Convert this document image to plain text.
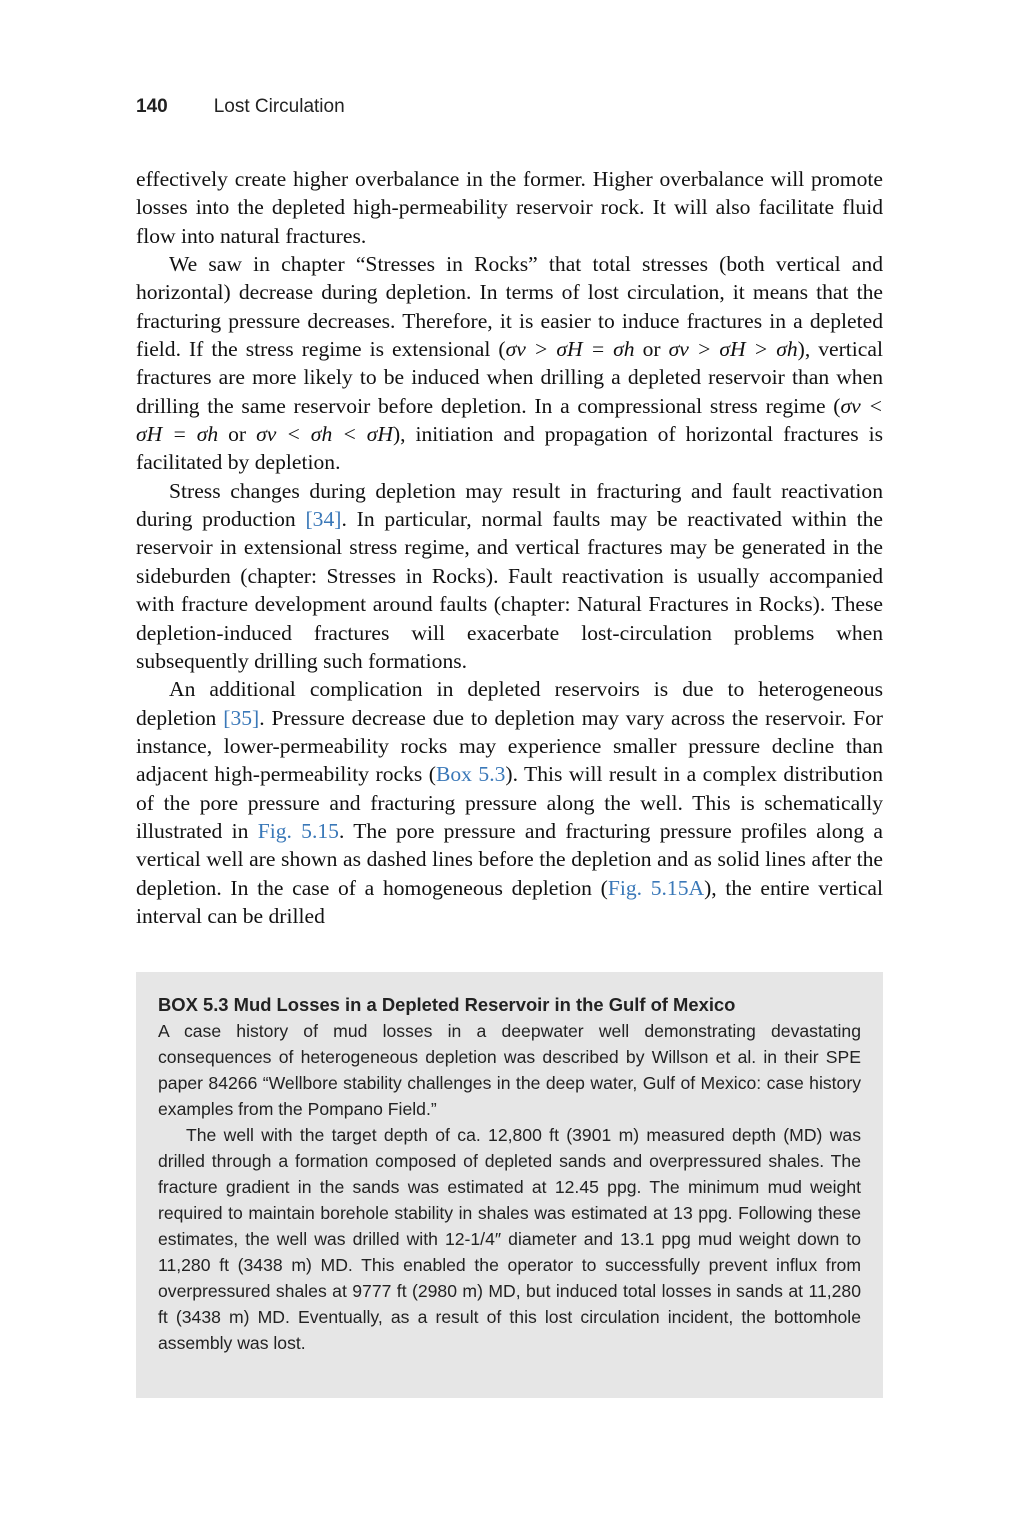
140 Lost Circulation

effectively create higher overbalance in the former. Higher overbalance will promote losses into the depleted high-permeability reservoir rock. It will also facilitate fluid flow into natural fractures.

We saw in chapter “Stresses in Rocks” that total stresses (both vertical and horizontal) decrease during depletion. In terms of lost circulation, it means that the fracturing pressure decreases. Therefore, it is easier to induce fractures in a depleted field. If the stress regime is extensional (σv > σH = σh or σv > σH > σh), vertical fractures are more likely to be induced when drilling a depleted reservoir than when drilling the same reservoir before depletion. In a compressional stress regime (σv < σH = σh or σv < σh < σH), initiation and propagation of horizontal fractures is facilitated by depletion.

Stress changes during depletion may result in fracturing and fault reactivation during production [34]. In particular, normal faults may be reactivated within the reservoir in extensional stress regime, and vertical fractures may be generated in the sideburden (chapter: Stresses in Rocks). Fault reactivation is usually accompanied with fracture development around faults (chapter: Natural Fractures in Rocks). These depletion-induced fractures will exacerbate lost-circulation problems when subsequently drilling such formations.

An additional complication in depleted reservoirs is due to heterogeneous depletion [35]. Pressure decrease due to depletion may vary across the reservoir. For instance, lower-permeability rocks may experience smaller pressure decline than adjacent high-permeability rocks (Box 5.3). This will result in a complex distribution of the pore pressure and fracturing pressure along the well. This is schematically illustrated in Fig. 5.15. The pore pressure and fracturing pressure profiles along a vertical well are shown as dashed lines before the depletion and as solid lines after the depletion. In the case of a homogeneous depletion (Fig. 5.15A), the entire vertical interval can be drilled

BOX 5.3 Mud Losses in a Depleted Reservoir in the Gulf of Mexico

A case history of mud losses in a deepwater well demonstrating devastating consequences of heterogeneous depletion was described by Willson et al. in their SPE paper 84266 “Wellbore stability challenges in the deep water, Gulf of Mexico: case history examples from the Pompano Field.”

The well with the target depth of ca. 12,800 ft (3901 m) measured depth (MD) was drilled through a formation composed of depleted sands and overpressured shales. The fracture gradient in the sands was estimated at 12.45 ppg. The minimum mud weight required to maintain borehole stability in shales was estimated at 13 ppg. Following these estimates, the well was drilled with 12-1/4″ diameter and 13.1 ppg mud weight down to 11,280 ft (3438 m) MD. This enabled the operator to successfully prevent influx from overpressured shales at 9777 ft (2980 m) MD, but induced total losses in sands at 11,280 ft (3438 m) MD. Eventually, as a result of this lost circulation incident, the bottomhole assembly was lost.
